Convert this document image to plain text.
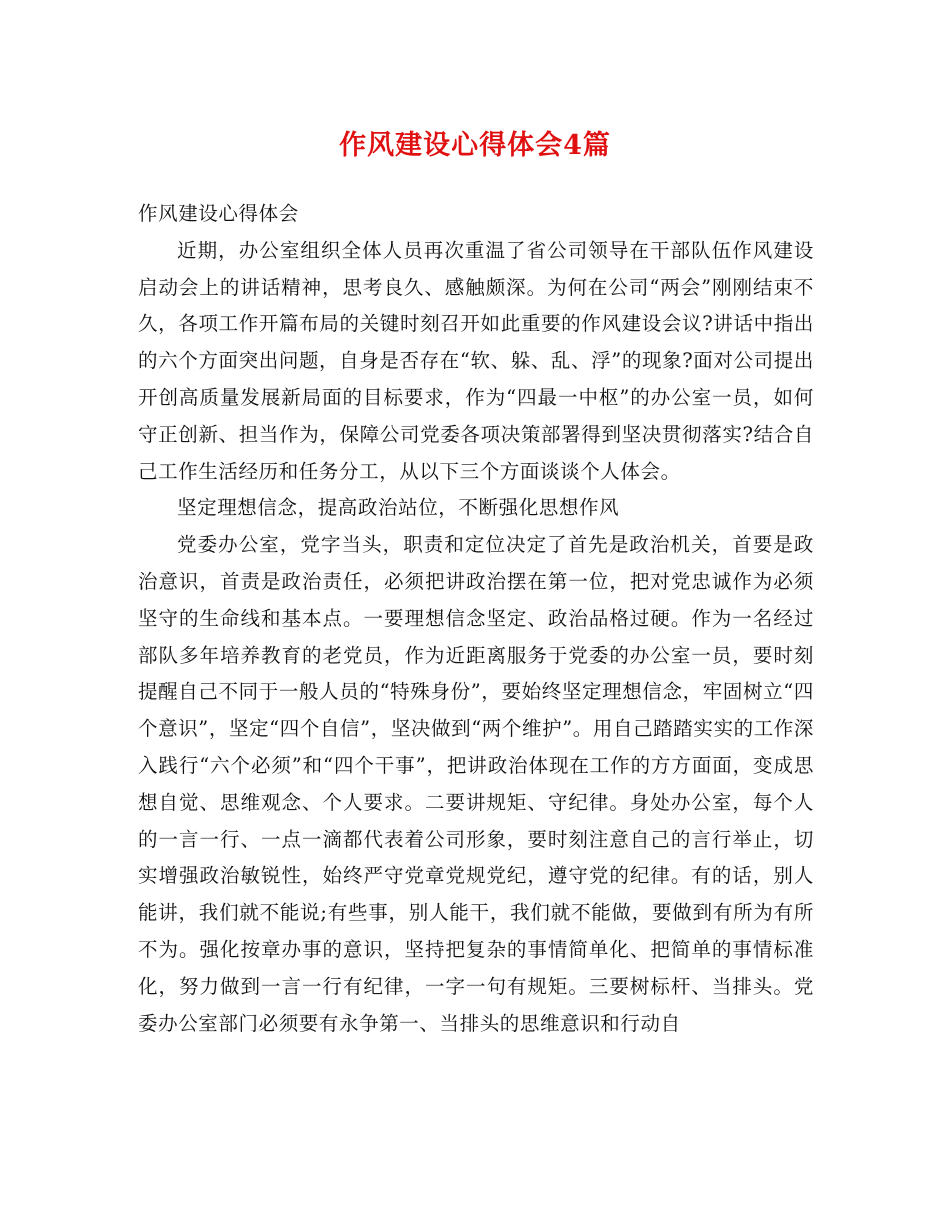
作风建设心得体会4篇

作风建设心得体会

近期，办公室组织全体人员再次重温了省公司领导在干部队伍作风建设启动会上的讲话精神，思考良久、感触颇深。为何在公司“两会”刚刚结束不久，各项工作开篇布局的关键时刻召开如此重要的作风建设会议?讲话中指出的六个方面突出问题，自身是否存在“软、躲、乱、浮”的现象?面对公司提出开创高质量发展新局面的目标要求，作为“四最一中枢”的办公室一员，如何守正创新、担当作为，保障公司党委各项决策部署得到坚决贯彻落实?结合自己工作生活经历和任务分工，从以下三个方面谈谈个人体会。

坚定理想信念，提高政治站位，不断强化思想作风

党委办公室，党字当头，职责和定位决定了首先是政治机关，首要是政治意识，首责是政治责任，必须把讲政治摆在第一位，把对党忠诚作为必须坚守的生命线和基本点。一要理想信念坚定、政治品格过硬。作为一名经过部队多年培养教育的老党员，作为近距离服务于党委的办公室一员，要时刻提醒自己不同于一般人员的“特殊身份”，要始终坚定理想信念，牢固树立“四个意识”，坚定“四个自信”，坚决做到“两个维护”。用自己踏踏实实的工作深入践行“六个必须”和“四个干事”，把讲政治体现在工作的方方面面，变成思想自觉、思维观念、个人要求。二要讲规矩、守纪律。身处办公室，每个人的一言一行、一点一滴都代表着公司形象，要时刻注意自己的言行举止，切实增强政治敏锐性，始终严守党章党规党纪，遵守党的纪律。有的话，别人能讲，我们就不能说;有些事，别人能干，我们就不能做，要做到有所为有所不为。强化按章办事的意识，坚持把复杂的事情简单化、把简单的事情标准化，努力做到一言一行有纪律，一字一句有规矩。三要树标杆、当排头。党委办公室部门必须要有永争第一、当排头的思维意识和行动自
